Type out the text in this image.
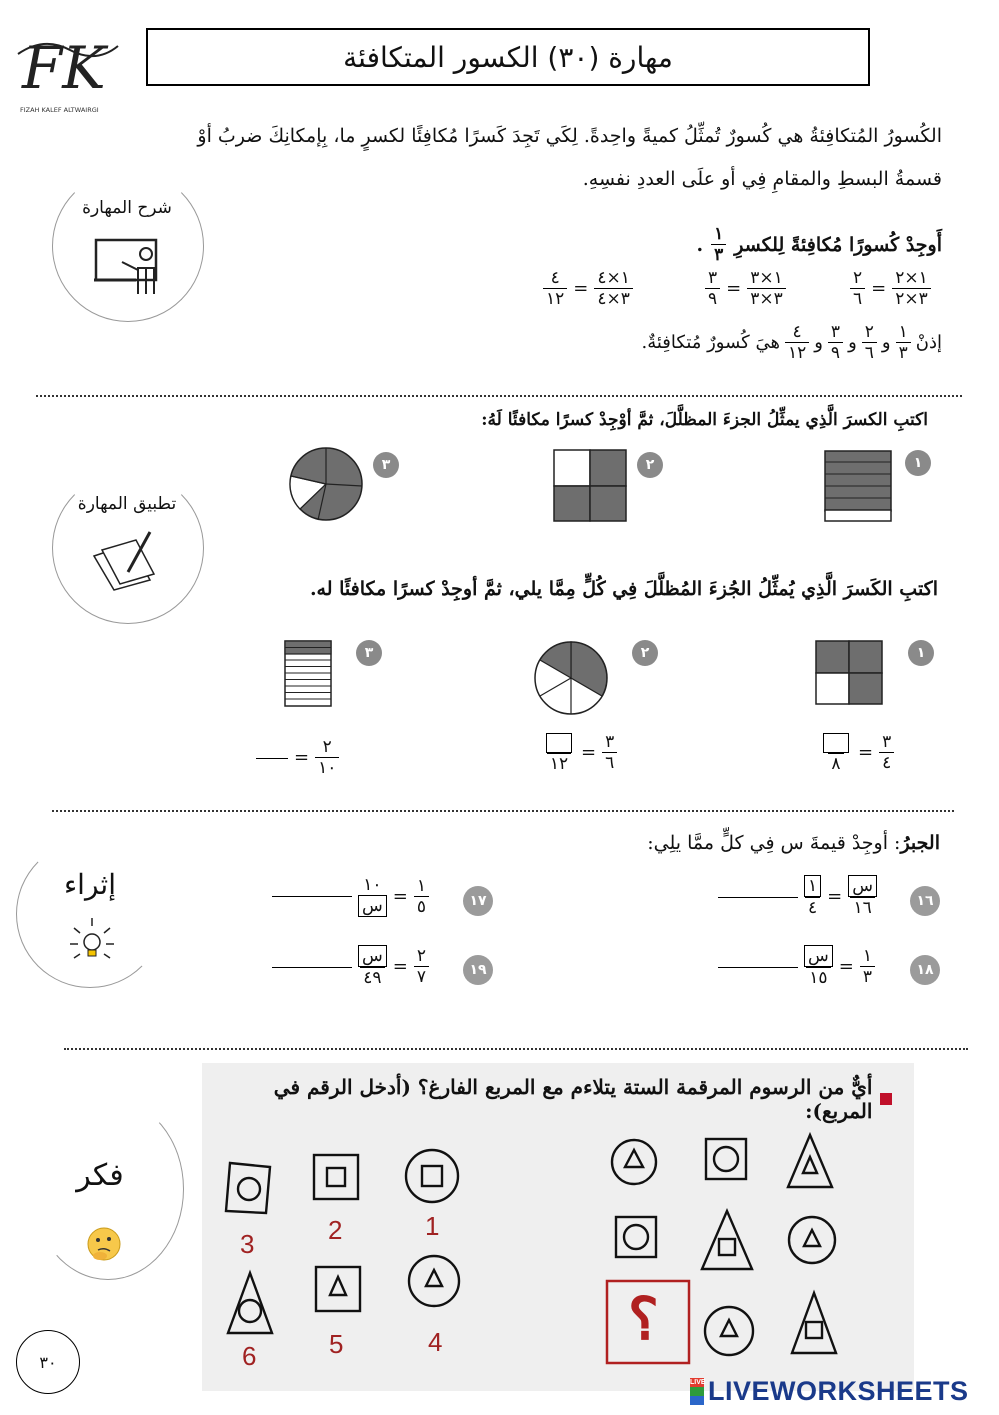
FK
FIZAH KALEF ALTWAIRGI
مهارة (٣٠) الكسور المتكافئة
شرح المهارة
الكُسورُ المُتكافِئةُ هي كُسورٌ تُمثِّلُ كميةً واحِدةً. لِكَي تَجِدَ كَسرًا مُكافِئًا لكسرٍ ما، بِإمكانِكَ ضربُ أوْ
قسمةُ البسطِ والمقامِ فِي أو علَى العددِ نفسِهِ.
أَوجِدْ كُسورًا مُكافِئةً لِلكسرِ
$\frac{١}{٣}$
.
$\frac{٢}{٦} = \frac{١\times ٢}{٣\times ٢}$
$\frac{٣}{٩} = \frac{١\times ٣}{٣\times ٣}$
$\frac{٤}{١٢} = \frac{١\times ٤}{٣\times ٤}$
إذنْ
$\frac{١}{٣}$
و
$\frac{٢}{٦}$
و
$\frac{٣}{٩}$
و
$\frac{٤}{١٢}$
هيَ كُسورٌ مُتكافِئةٌ.
تطبيق المهارة
اكتبِ الكسرَ الَّذِي يمثِّلُ الجزءَ المظلَّلَ، ثمَّ أوْجِدْ كسرًا مكافئًا لَهُ:
١
٢
٣
اكتبِ الكَسرَ الَّذِي يُمثِّلُ الجُزءَ المُظلَّلَ فِي كُلٍّ مِمَّا يلي، ثمَّ أوجِدْ كسرًا مكافئًا له.
١
٢
٣
٨
= $\frac{٣}{٤}$
١٢
= $\frac{٣}{٦}$
= $\frac{٢}{١٠}$
إثراء
الجبرُ: أوجِدْ قيمةَ س فِي كلٍّ ممَّا يلِي:
١٦
$\frac{١}{٤} = \frac{\text{س}}{١٦}$
١٧
$\frac{١٠}{\text{س}} = \frac{١}{٥}$
١٨
$\frac{\text{س}}{١٥} = \frac{١}{٣}$
١٩
$\frac{\text{س}}{٤٩} = \frac{٢}{٧}$
فكر
٣٠
أيٌّ من الرسوم المرقمة الستة يتلاءم مع المربع الفارغ؟ (أدخل الرقم في المربع):
؟
1
2
3
4
5
6
LIVE LIVEWORKSHEETS
